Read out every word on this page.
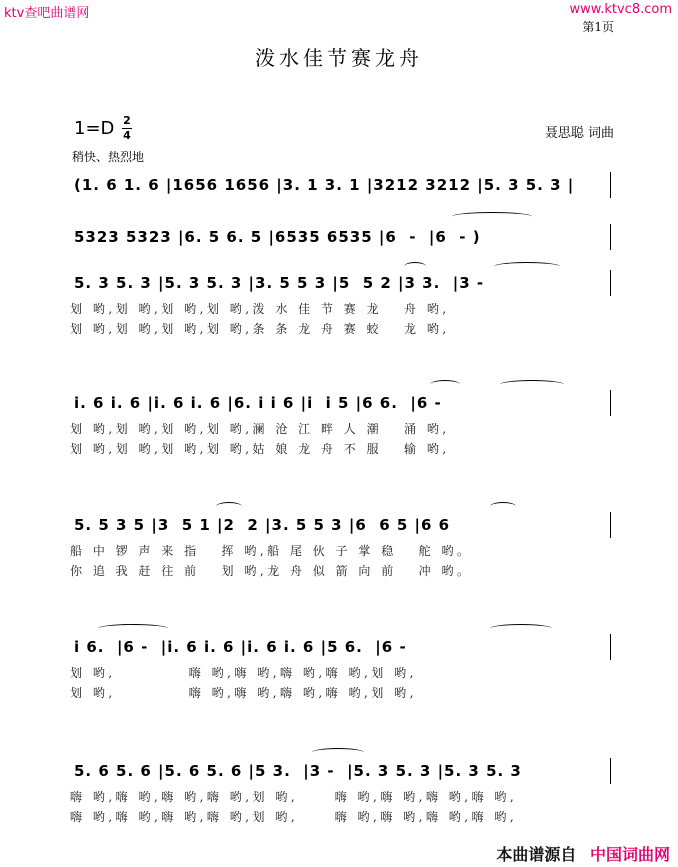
ktv查吧曲谱网	www.ktvc8.com
第1页
泼水佳节赛龙舟
1=D 2
4	聂思聪 词曲
稍快、热烈地
(1. 6 1. 6 |1656 1656 |3. 1 3. 1 |3212 3212 |5. 3 5. 3 |
5323 5323 |6. 5 6. 5 |6535 6535 |6  -  |6  - )
5. 3 5. 3 |5. 3 5. 3 |3. 5 5 3 |5  5 2 |3 3.  |3 -
划 哟,划 哟,划 哟,划 哟,泼 水 佳 节 赛 龙   舟 哟,
划 哟,划 哟,划 哟,划 哟,条 条 龙 舟 赛 蛟   龙 哟,
i. 6 i. 6 |i. 6 i. 6 |6. i i 6 |i  i 5 |6 6.  |6 -
划 哟,划 哟,划 哟,划 哟,澜 沧 江 畔 人 潮   涌 哟,
划 哟,划 哟,划 哟,划 哟,姑 娘 龙 舟 不 服   输 哟,
5. 5 3 5 |3  5 1 |2  2 |3. 5 5 3 |6  6 5 |6 6
船 中 锣 声 来 指   挥 哟,船 尾 伙 子 掌 稳   舵 哟。
你 追 我 赶 往 前   划 哟,龙 舟 似 箭 向 前   冲 哟。
i 6.  |6 -  |i. 6 i. 6 |i. 6 i. 6 |5 6.  |6 -
划 哟,          嗨 哟,嗨 哟,嗨 哟,嗨 哟,划 哟,
划 哟,          嗨 哟,嗨 哟,嗨 哟,嗨 哟,划 哟,
5. 6 5. 6 |5. 6 5. 6 |5 3.  |3 -  |5. 3 5. 3 |5. 3 5. 3
嗨 哟,嗨 哟,嗨 哟,嗨 哟,划 哟,     嗨 哟,嗨 哟,嗨 哟,嗨 哟,
嗨 哟,嗨 哟,嗨 哟,嗨 哟,划 哟,     嗨 哟,嗨 哟,嗨 哟,嗨 哟,
本曲谱源自 中国词曲网
